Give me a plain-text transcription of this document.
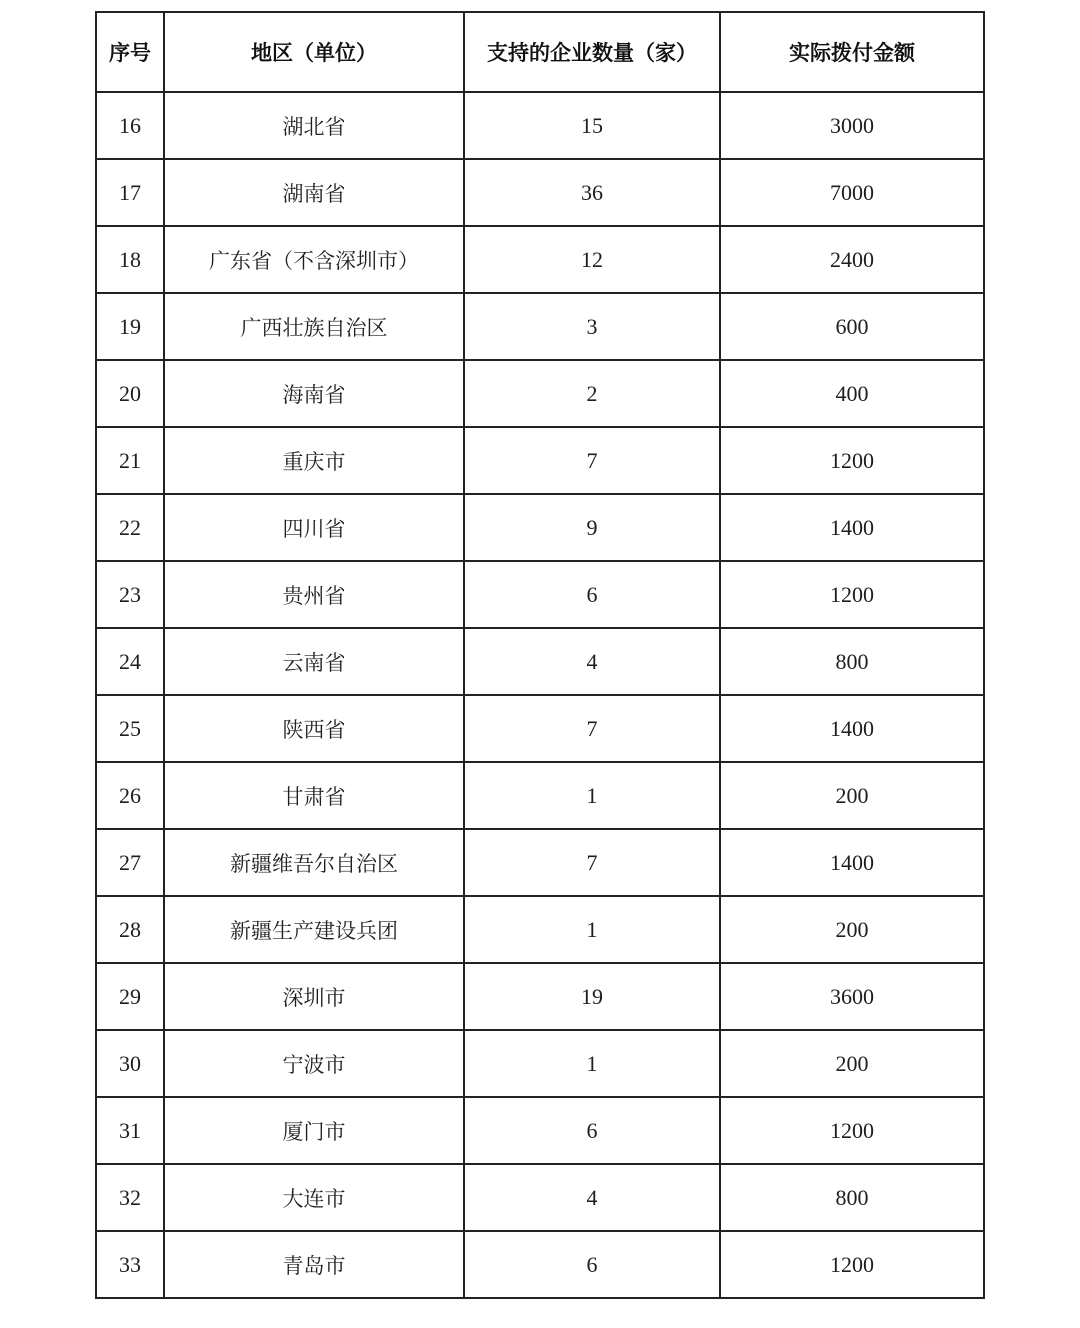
序号	地区（单位）	支持的企业数量（家）	实际拨付金额
16	湖北省	15	3000
17	湖南省	36	7000
18	广东省（不含深圳市）	12	2400
19	广西壮族自治区	3	600
20	海南省	2	400
21	重庆市	7	1200
22	四川省	9	1400
23	贵州省	6	1200
24	云南省	4	800
25	陕西省	7	1400
26	甘肃省	1	200
27	新疆维吾尔自治区	7	1400
28	新疆生产建设兵团	1	200
29	深圳市	19	3600
30	宁波市	1	200
31	厦门市	6	1200
32	大连市	4	800
33	青岛市	6	1200
